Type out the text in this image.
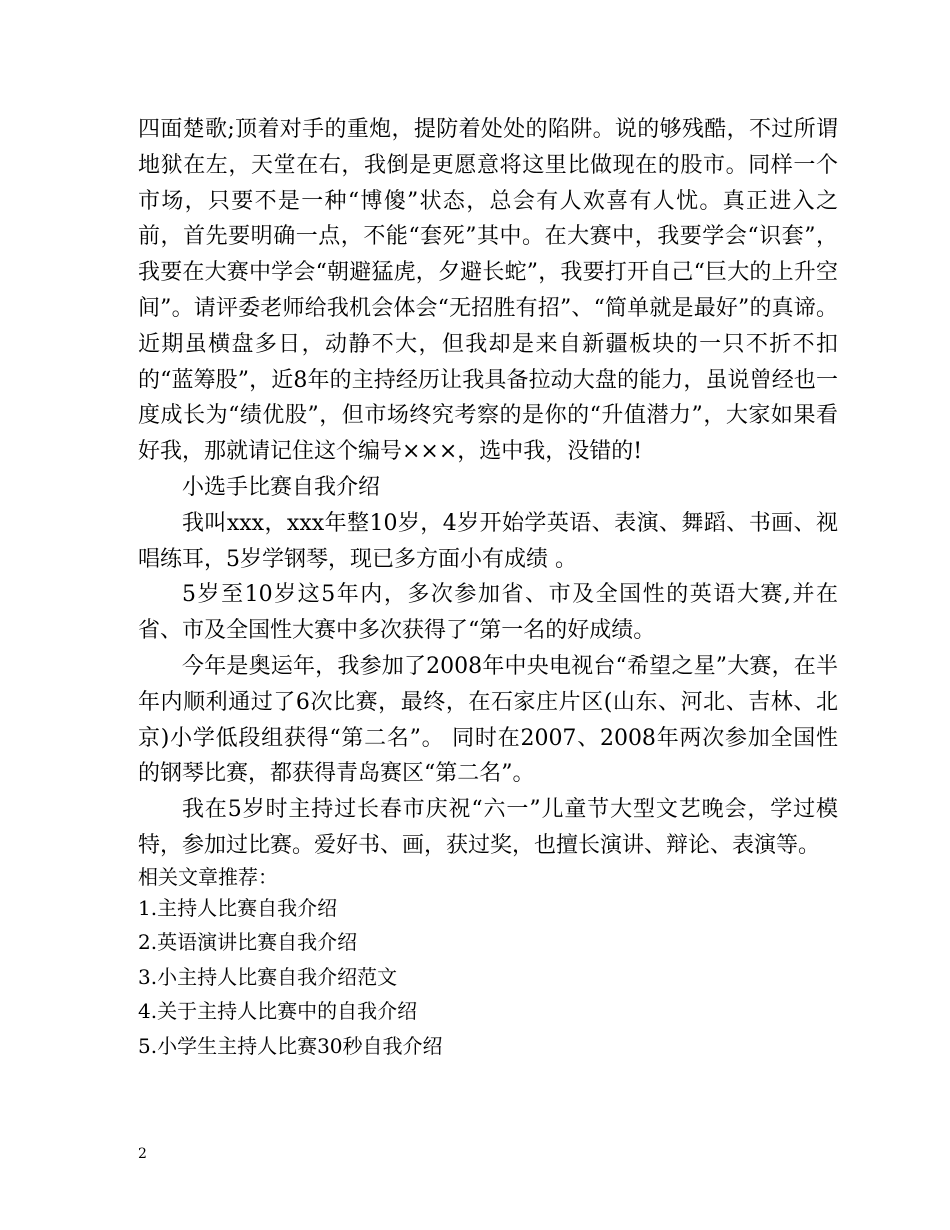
四面楚歌;顶着对手的重炮，提防着处处的陷阱。说的够残酷，不过所谓地狱在左，天堂在右，我倒是更愿意将这里比做现在的股市。同样一个市场，只要不是一种“博傻”状态，总会有人欢喜有人忧。真正进入之前，首先要明确一点，不能“套死”其中。在大赛中，我要学会“识套”，我要在大赛中学会“朝避猛虎，夕避长蛇”，我要打开自己“巨大的上升空间”。请评委老师给我机会体会“无招胜有招”、“简单就是最好”的真谛。近期虽横盘多日，动静不大，但我却是来自新疆板块的一只不折不扣的“蓝筹股”，近8年的主持经历让我具备拉动大盘的能力，虽说曾经也一度成长为“绩优股”，但市场终究考察的是你的“升值潜力”，大家如果看好我，那就请记住这个编号×××，选中我，没错的!

小选手比赛自我介绍

我叫xxx，xxx年整10岁，4岁开始学英语、表演、舞蹈、书画、视唱练耳，5岁学钢琴，现已多方面小有成绩 。

5岁至10岁这5年内，多次参加省、市及全国性的英语大赛,并在省、市及全国性大赛中多次获得了“第一名的好成绩。

今年是奥运年，我参加了2008年中央电视台“希望之星”大赛，在半年内顺利通过了6次比赛，最终，在石家庄片区(山东、河北、吉林、北京)小学低段组获得“第二名”。 同时在2007、2008年两次参加全国性的钢琴比赛，都获得青岛赛区“第二名”。

我在5岁时主持过长春市庆祝“六一”儿童节大型文艺晚会，学过模特，参加过比赛。爱好书、画，获过奖，也擅长演讲、辩论、表演等。

相关文章推荐：

1.主持人比赛自我介绍
2.英语演讲比赛自我介绍
3.小主持人比赛自我介绍范文
4.关于主持人比赛中的自我介绍
5.小学生主持人比赛30秒自我介绍
2
